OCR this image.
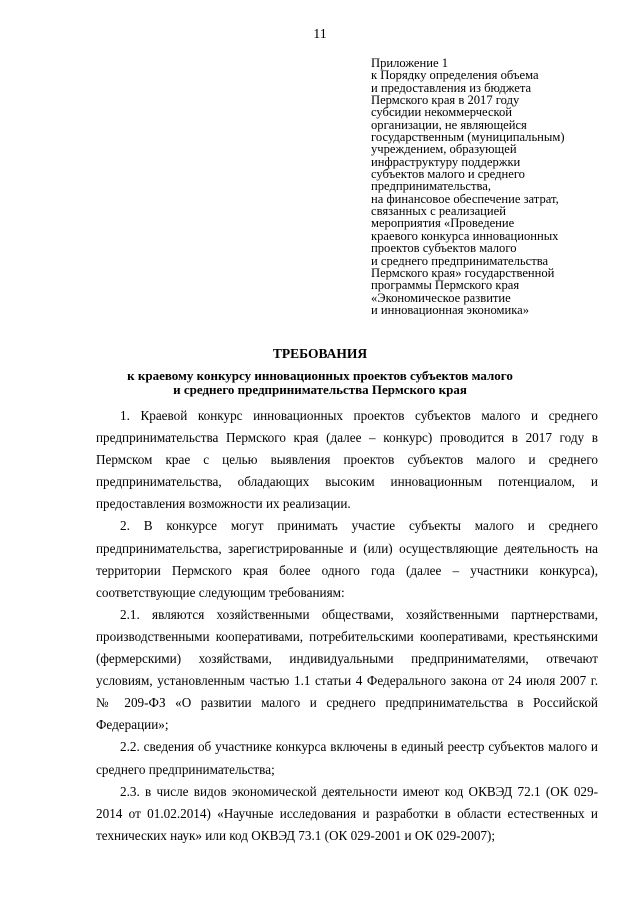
11
Приложение 1
к Порядку определения объема
и предоставления из бюджета
Пермского края в 2017 году
субсидии некоммерческой
организации, не являющейся
государственным (муниципальным)
учреждением, образующей
инфраструктуру поддержки
субъектов малого и среднего
предпринимательства,
на финансовое обеспечение затрат,
связанных с реализацией
мероприятия «Проведение
краевого конкурса инновационных
проектов субъектов малого
и среднего предпринимательства
Пермского края» государственной
программы Пермского края
«Экономическое развитие
и инновационная экономика»
ТРЕБОВАНИЯ
к краевому конкурсу инновационных проектов субъектов малого
и среднего предпринимательства Пермского края

1. Краевой конкурс инновационных проектов субъектов малого и среднего предпринимательства Пермского края (далее – конкурс) проводится в 2017 году в Пермском крае с целью выявления проектов субъектов малого и среднего предпринимательства, обладающих высоким инновационным потенциалом, и предоставления возможности их реализации.

2. В конкурсе могут принимать участие субъекты малого и среднего предпринимательства, зарегистрированные и (или) осуществляющие деятельность на территории Пермского края более одного года (далее – участники конкурса), соответствующие следующим требованиям:

2.1. являются хозяйственными обществами, хозяйственными партнерствами, производственными кооперативами, потребительскими кооперативами, крестьянскими (фермерскими) хозяйствами, индивидуальными предпринимателями, отвечают условиям, установленным частью 1.1 статьи 4 Федерального закона от 24 июля 2007 г. № 209-ФЗ «О развитии малого и среднего предпринимательства в Российской Федерации»;

2.2. сведения об участнике конкурса включены в единый реестр субъектов малого и среднего предпринимательства;

2.3. в числе видов экономической деятельности имеют код ОКВЭД 72.1 (ОК 029-2014 от 01.02.2014) «Научные исследования и разработки в области естественных и технических наук» или код ОКВЭД 73.1 (ОК 029-2001 и ОК 029-2007);
